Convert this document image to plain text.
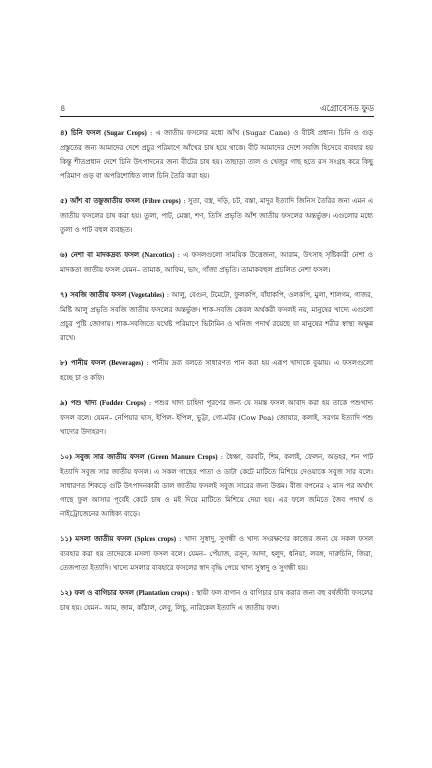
৪	এগ্রোবেসড ফুড

৪) চিনি ফসল (Sugar Crops) : এ জাতীয় ফসলের মধ্যে আঁখ (Sugar Cane) ও বীটই প্রধান। চিনি ও গুড় প্রস্তুতের জন্য আমাদের দেশে প্রচুর পরিমাণে আঁখের চাষ হয়ে থাকে। বীট আমাদের দেশে সবজি হিসেবে ব্যবহার হয় কিন্তু শীতপ্রধান দেশে চিনি উৎপাদনের জন্য বীটের চাষ হয়। তাছাড়া তাল ও খেজুর গাছ হতে রস সংগ্রহ করে কিছু পরিমাণ গুড় বা অপরিশোধিত লাল চিনি তৈরি করা হয়।

৫) আঁশ বা তন্তুজাতীয় ফসল (Fibre crops) : সুতা, বস্ত্র, দড়ি, চট, বস্তা, মাদুর ইত্যাদি জিনিস তৈরির জন্য এমন এ জাতীয় ফসলের চাষ করা হয়। তুলা, পাট, মেস্তা, শণ, তিসি প্রভৃতি আঁশ জাতীয় ফসলের অন্তর্ভুক্ত। এগুলোর মধ্যে তুলা ও পাট বহুল ব্যবহৃত।

৬) নেশা বা মাদকদ্রব্য ফসল (Narcotics) : এ ফসলগুলো সাময়িক উত্তেজনা, আরাম, উৎসাহ সৃষ্টিকারী নেশা ও মাদকতা জাতীয় ফসল যেমন– তামাক, আফিম, ভাং, গাঁজা প্রভৃতি। তামাকবহুল প্রচলিত নেশা ফসল।

৭) সবজি জাতীয় ফসল (Vegetables) : আলু, বেগুন, টমেটো, ফুলকপি, বাঁধাকপি, ওলকপি, মুলা, শালগম, গাজর, মিষ্টি আলু প্রভৃতি সবজি জাতীয় ফসলের অন্তর্ভুক্ত। শাক-সবজি কেবল অর্থকরী ফসলই নয়, মানুষের খাদ্যে এগুলো প্রচুর পুষ্টি জোগায়। শাক-সবজিতে যথেষ্ট পরিমাণে ভিটামিন ও খনিজ পদার্থ রয়েছে যা মানুষের শরীর স্বাস্থ্য অক্ষুন্ন রাখে।

৮) পানীয় ফসল (Beverages) : পানীয় দ্রব্য বলতে সাধারণত পান করা হয় এরূপ খাদ্যকে বুঝায়। এ ফসলগুলো হচ্ছে চা ও কফি।

৯) পশু খাদ্য (Fodder Crops) : পশুর খাদ্য চাহিদা পূরণের জন্য যে সমস্ত ফসল আবাদ করা হয় তাকে পশুখাদ্য ফসল বলে। যেমন– নেপিয়ার ঘাস, ইপিল- ইপিল, ভুট্টা, গো-মটর (Cow Pea) জোয়ার, কলাই, সরগম ইত্যাদি পশু খাদ্যের উদাহরণ।

১০) সবুজ সার জাতীয় ফসল (Green Manure Crops) : ধৈঞ্চা, বরবটি, শিম, কলাই, ফেলন, অড়হর, শন পাট ইত্যাদি সবুজ সার জাতীয় ফসল। এ সকল গাছের পাতা ও ডাটা কেটে মাটিতে মিশিয়ে দেওয়াকে সবুজ সার বলে। সাধারণত শিকড়ে গুটি উৎপাদনকারী ডাল জাতীয় ফসলই সবুজ সারের জন্য উত্তম। বীজ বপনের ২ মাস পর অর্থাৎ গাছে ফুল আসার পূর্বেই কেটে চাষ ও মই দিয়ে মাটিতে মিশিয়ে দেয়া হয়। এর ফলে জমিতে জৈব পদার্থ ও নাইট্রোজেনের আধিক্য বাড়ে।

১১) মসলা জাতীয় ফসল (Spices crops) : খাদ্য সুস্বাদু, সুগন্ধী ও খাদ্য সংরক্ষণের কাজের জন্য যে সকল ফসল ব্যবহার করা হয় তাদেরকে মসলা ফসল বলে। যেমন– পেঁয়াজ, রসুন, আদা, হলুদ, ধনিয়া, লবঙ্গ, দারুচিনি, জিরা, তেজপাতা ইত্যাদি। খাদ্যে মসলার ব্যবহারে ফসলের স্বাদ বৃদ্ধি পেয়ে খাদ্য সুস্বাদু ও সুগন্ধী হয়।

১২) ফল ও বাগিচার ফসল (Plantation crops) : স্থায়ী ফল বাগান ও বাগিচার চাষ করার জন্য বহু বর্ষজীবী ফসলের চাষ হয়। যেমন– আম, জাম, কাঁঠাল, লেবু, লিচু, নারিকেল ইত্যাদি এ জাতীয় ফল।
